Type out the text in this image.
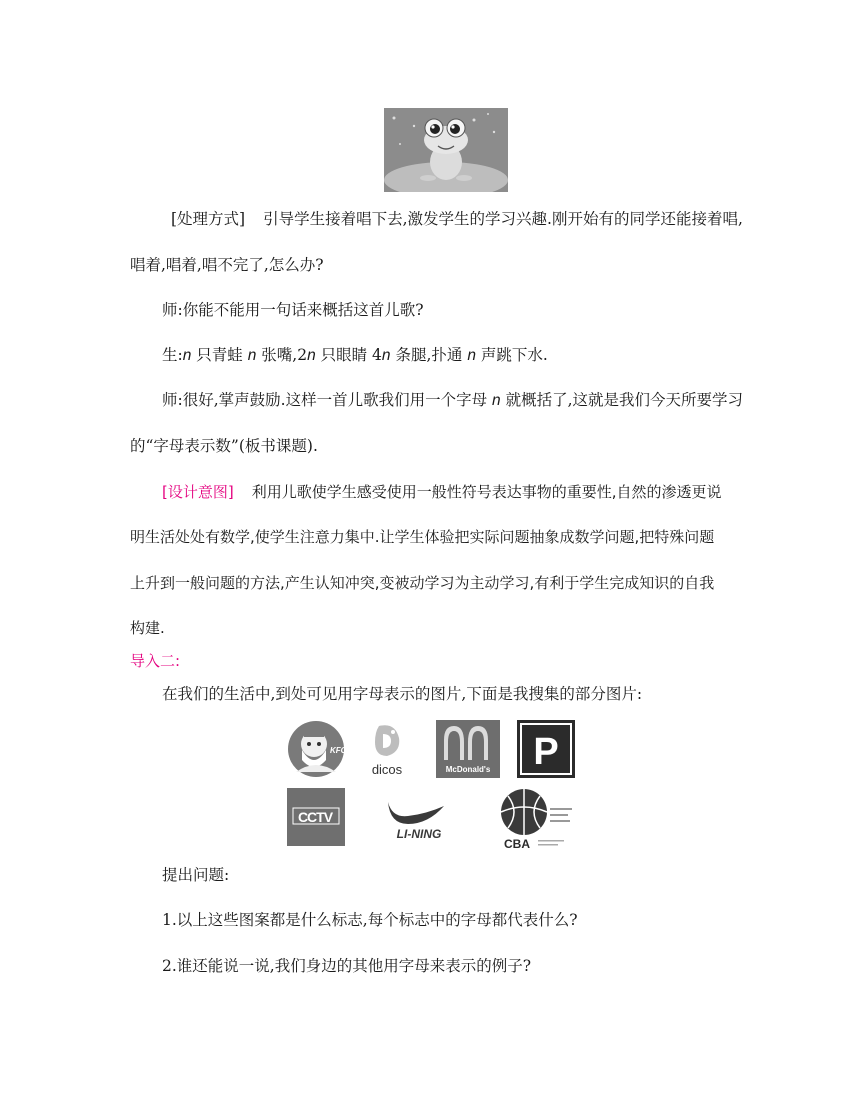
[处理方式] 引导学生接着唱下去,激发学生的学习兴趣.刚开始有的同学还能接着唱,
唱着,唱着,唱不完了,怎么办?
师:你能不能用一句话来概括这首儿歌?
生:n 只青蛙 n 张嘴,2n 只眼睛 4n 条腿,扑通 n 声跳下水.
师:很好,掌声鼓励.这样一首儿歌我们用一个字母 n 就概括了,这就是我们今天所要学习
的“字母表示数”(板书课题).
[设计意图] 利用儿歌使学生感受使用一般性符号表达事物的重要性,自然的渗透更说
明生活处处有数学,使学生注意力集中.让学生体验把实际问题抽象成数学问题,把特殊问题
上升到一般问题的方法,产生认知冲突,变被动学习为主动学习,有利于学生完成知识的自我
构建.
导入二:
在我们的生活中,到处可见用字母表示的图片,下面是我搜集的部分图片:
KFC
dicos	McDonald's P
CCTV
LI-NING
CBA
提出问题:
1.以上这些图案都是什么标志,每个标志中的字母都代表什么?
2.谁还能说一说,我们身边的其他用字母来表示的例子?
